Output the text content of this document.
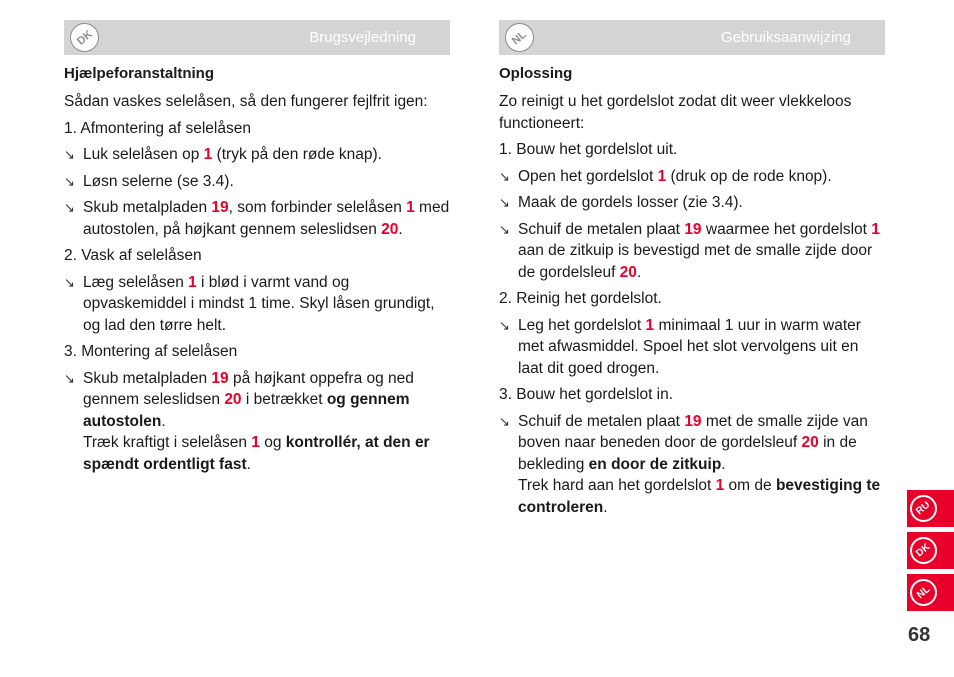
DK	Brugsvejledning
Hjælpeforanstaltning

Sådan vaskes selelåsen, så den fungerer fejlfrit igen:

1. Afmontering af selelåsen

↘ Luk selelåsen op 1 (tryk på den røde knap).

↘ Løsn selerne (se 3.4).

↘ Skub metalpladen 19, som forbinder selelåsen 1 med autostolen, på højkant gennem seleslidsen 20.

2. Vask af selelåsen

↘ Læg selelåsen 1 i blød i varmt vand og opvaskemiddel i mindst 1 time. Skyl låsen grundigt, og lad den tørre helt.

3. Montering af selelåsen

↘ Skub metalpladen 19 på højkant oppefra og ned gennem seleslidsen 20 i betrækket og gennem autostolen.

Træk kraftigt i selelåsen 1 og kontrollér, at den er spændt ordentligt fast.

NL	Gebruiksaanwijzing
Oplossing

Zo reinigt u het gordelslot zodat dit weer vlekkeloos functioneert:

1. Bouw het gordelslot uit.

↘ Open het gordelslot 1 (druk op de rode knop).

↘ Maak de gordels losser (zie 3.4).

↘ Schuif de metalen plaat 19 waarmee het gordelslot 1 aan de zitkuip is bevestigd met de smalle zijde door de gordelsleuf 20.

2. Reinig het gordelslot.

↘ Leg het gordelslot 1 minimaal 1 uur in warm water met afwasmiddel. Spoel het slot vervolgens uit en laat dit goed drogen.

3. Bouw het gordelslot in.

↘ Schuif de metalen plaat 19 met de smalle zijde van boven naar beneden door de gordelsleuf 20 in de bekleding en door de zitkuip.

Trek hard aan het gordelslot 1 om de bevestiging te controleren.	RU
DK
NL
68
